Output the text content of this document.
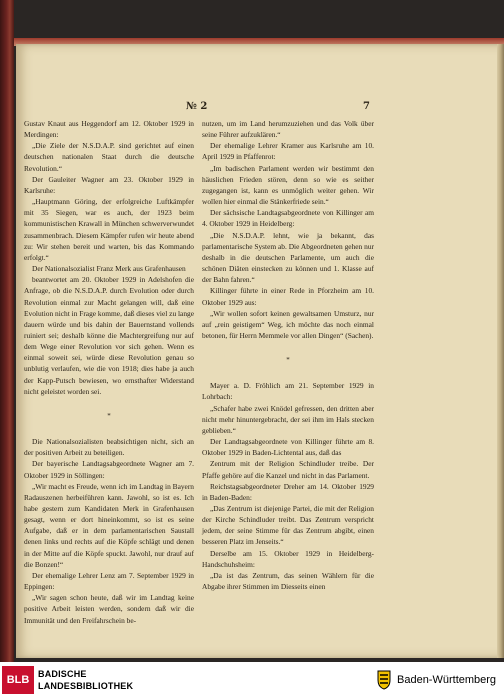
№ 2	7

Gustav Knaut aus Heggendorf am 12. Oktober 1929 in Merdingen:

„Die Ziele der N.S.D.A.P. sind gerichtet auf einen deutschen nationalen Staat durch die deutsche Revolution.“

Der Gauleiter Wagner am 23. Oktober 1929 in Karlsruhe:

„Hauptmann Göring, der erfolgreiche Luftkämpfer mit 35 Siegen, war es auch, der 1923 beim kommunistischen Krawall in München schwerverwundet zusammenbrach. Diesem Kämpfer rufen wir heute abend zu: Wir stehen bereit und warten, bis das Kommando erfolgt.“

Der Nationalsozialist Franz Merk aus Grafenhausen

beantwortet am 20. Oktober 1929 in Adelshofen die Anfrage, ob die N.S.D.A.P. durch Evolution oder durch Revolution einmal zur Macht gelangen will, daß eine Evolution nicht in Frage komme, daß dieses viel zu lange dauern würde und bis dahin der Bauernstand vollends ruiniert sei; deshalb könne die Machtergreifung nur auf dem Wege einer Revolution vor sich gehen. Wenn es einmal soweit sei, würde diese Revolution genau so unblutig verlaufen, wie die von 1918; dies habe ja auch der Kapp-Putsch bewiesen, wo ernsthafter Widerstand nicht geleistet worden sei.

*

Die Nationalsozialisten beabsichtigen nicht, sich an der positiven Arbeit zu beteiligen.

Der bayerische Landtagsabgeordnete Wagner am 7. Oktober 1929 in Söllingen:

„Wir macht es Freude, wenn ich im Landtag in Bayern Radauszenen herbeiführen kann. Jawohl, so ist es. Ich habe gestern zum Kandidaten Merk in Grafenhausen gesagt, wenn er dort hineinkommt, so ist es seine Aufgabe, daß er in dem parlamentarischen Saustall denen links und rechts auf die Köpfe schlägt und denen in der Mitte auf die Köpfe spuckt. Jawohl, nur drauf auf die Bonzen!“

Der ehemalige Lehrer Lenz am 7. September 1929 in Eppingen:

„Wir sagen schon heute, daß wir im Landtag keine positive Arbeit leisten werden, sondern daß wir die Immunität und den Freifahrschein be-

nutzen, um im Land herumzuziehen und das Volk über seine Führer aufzuklären.“

Der ehemalige Lehrer Kramer aus Karlsruhe am 10. April 1929 in Pfaffenrot:

„Im badischen Parlament werden wir bestimmt den häuslichen Frieden stören, denn so wie es seither zugegangen ist, kann es unmöglich weiter gehen. Wir wollen hier einmal die Stänkerfriede sein.“

Der sächsische Landtagsabgeordnete von Killinger am 4. Oktober 1929 in Heidelberg:

„Die N.S.D.A.P. lehnt, wie ja bekannt, das parlamentarische System ab. Die Abgeordneten gehen nur deshalb in die deutschen Parlamente, um auch die schönen Diäten einstecken zu können und 1. Klasse auf der Bahn fahren.“

Killinger führte in einer Rede in Pforzheim am 10. Oktober 1929 aus:

„Wir wollen sofort keinen gewaltsamen Umsturz, nur auf „rein geistigem“ Weg, ich möchte das noch einmal betonen, für Herrn Memmele vor allen Dingen“ (Sachen).

*

Mayer a. D. Fröhlich am 21. September 1929 in Lohrbach:

„Schafer habe zwei Knödel gefressen, den dritten aber nicht mehr hinuntergebracht, der sei ihm im Hals stecken geblieben.“

Der Landtagsabgeordnete von Killinger führte am 8. Oktober 1929 in Baden-Lichtental aus, daß das

Zentrum mit der Religion Schindluder treibe. Der Pfaffe gehöre auf die Kanzel und nicht in das Parlament.

Reichstagsabgeordneter Dreher am 14. Oktober 1929 in Baden-Baden:

„Das Zentrum ist diejenige Partei, die mit der Religion der Kirche Schindluder treibt. Das Zentrum verspricht jedem, der seine Stimme für das Zentrum abgibt, einen besseren Platz im Jenseits.“

Derselbe am 15. Oktober 1929 in Heidelberg-Handschuhsheim:

„Da ist das Zentrum, das seinen Wählern für die Abgabe ihrer Stimmen im Diesseits einen

BLB BADISCHE
LANDESBIBLIOTHEK	Baden-Württemberg
